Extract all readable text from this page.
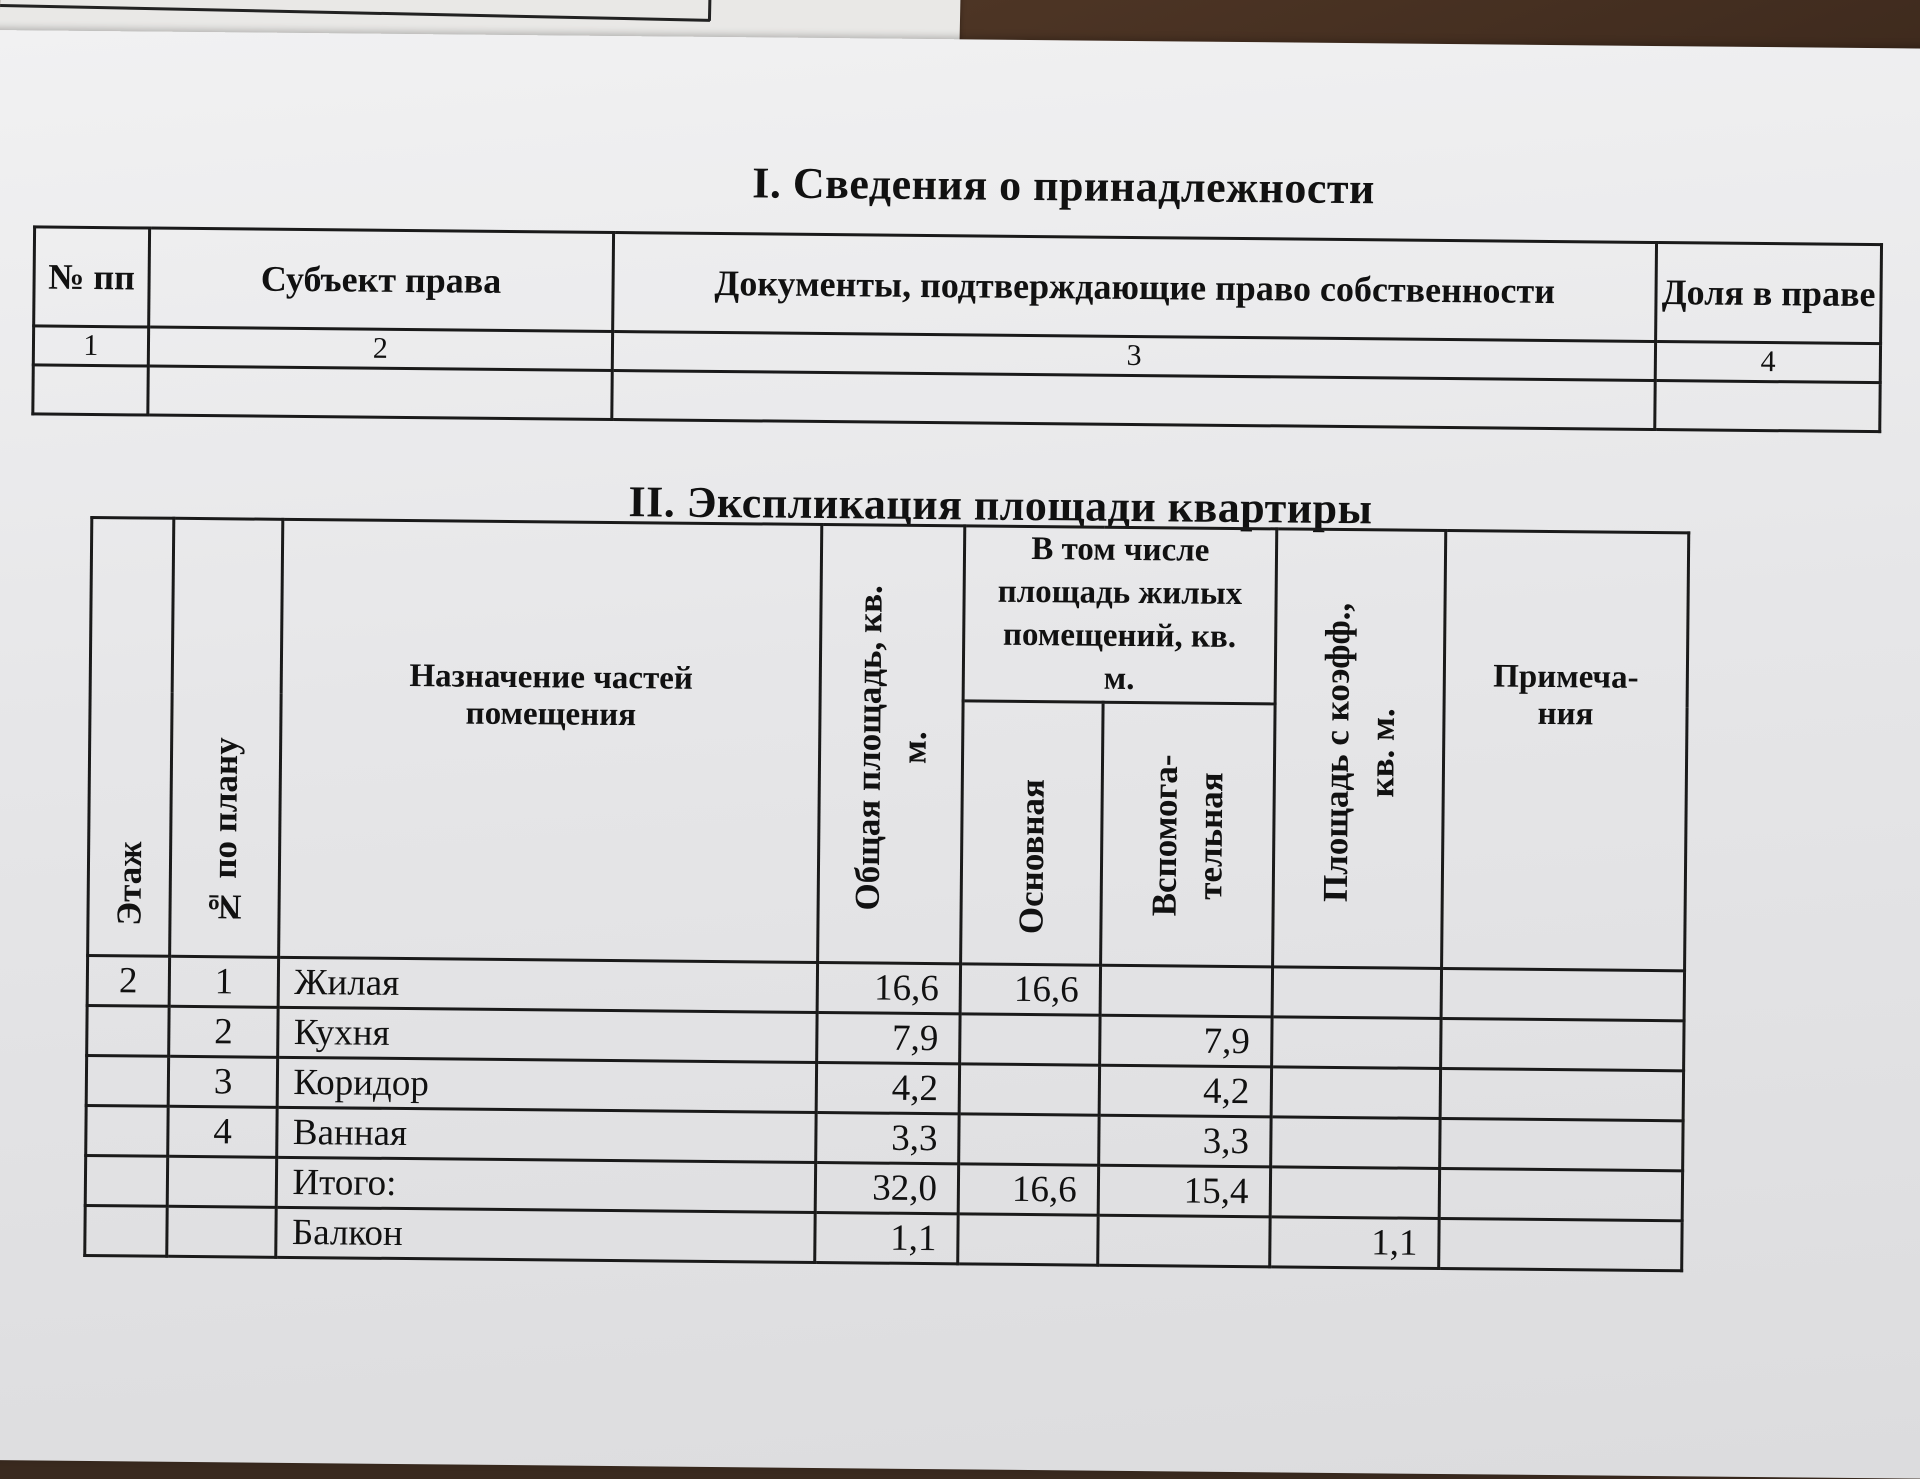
I. Сведения о принадлежности
№ пп	Субъект права	Документы, подтверждающие право собственности	Доля в праве
1	2	3	4

II. Экспликация площади квартиры
Этаж	№ по плану	Назначение частей помещения	Общая площадь, кв. м.	В том числе площадь жилых помещений, кв. м.		Площадь с коэфф., кв. м.	Примеча-ния
				Основная	Вспомога-тельная		
2	1	Жилая	16,6	16,6			
	2	Кухня	7,9		7,9		
	3	Коридор	4,2		4,2		
	4	Ванная	3,3		3,3		
		Итого:	32,0	16,6	15,4		
		Балкон	1,1			1,1	
